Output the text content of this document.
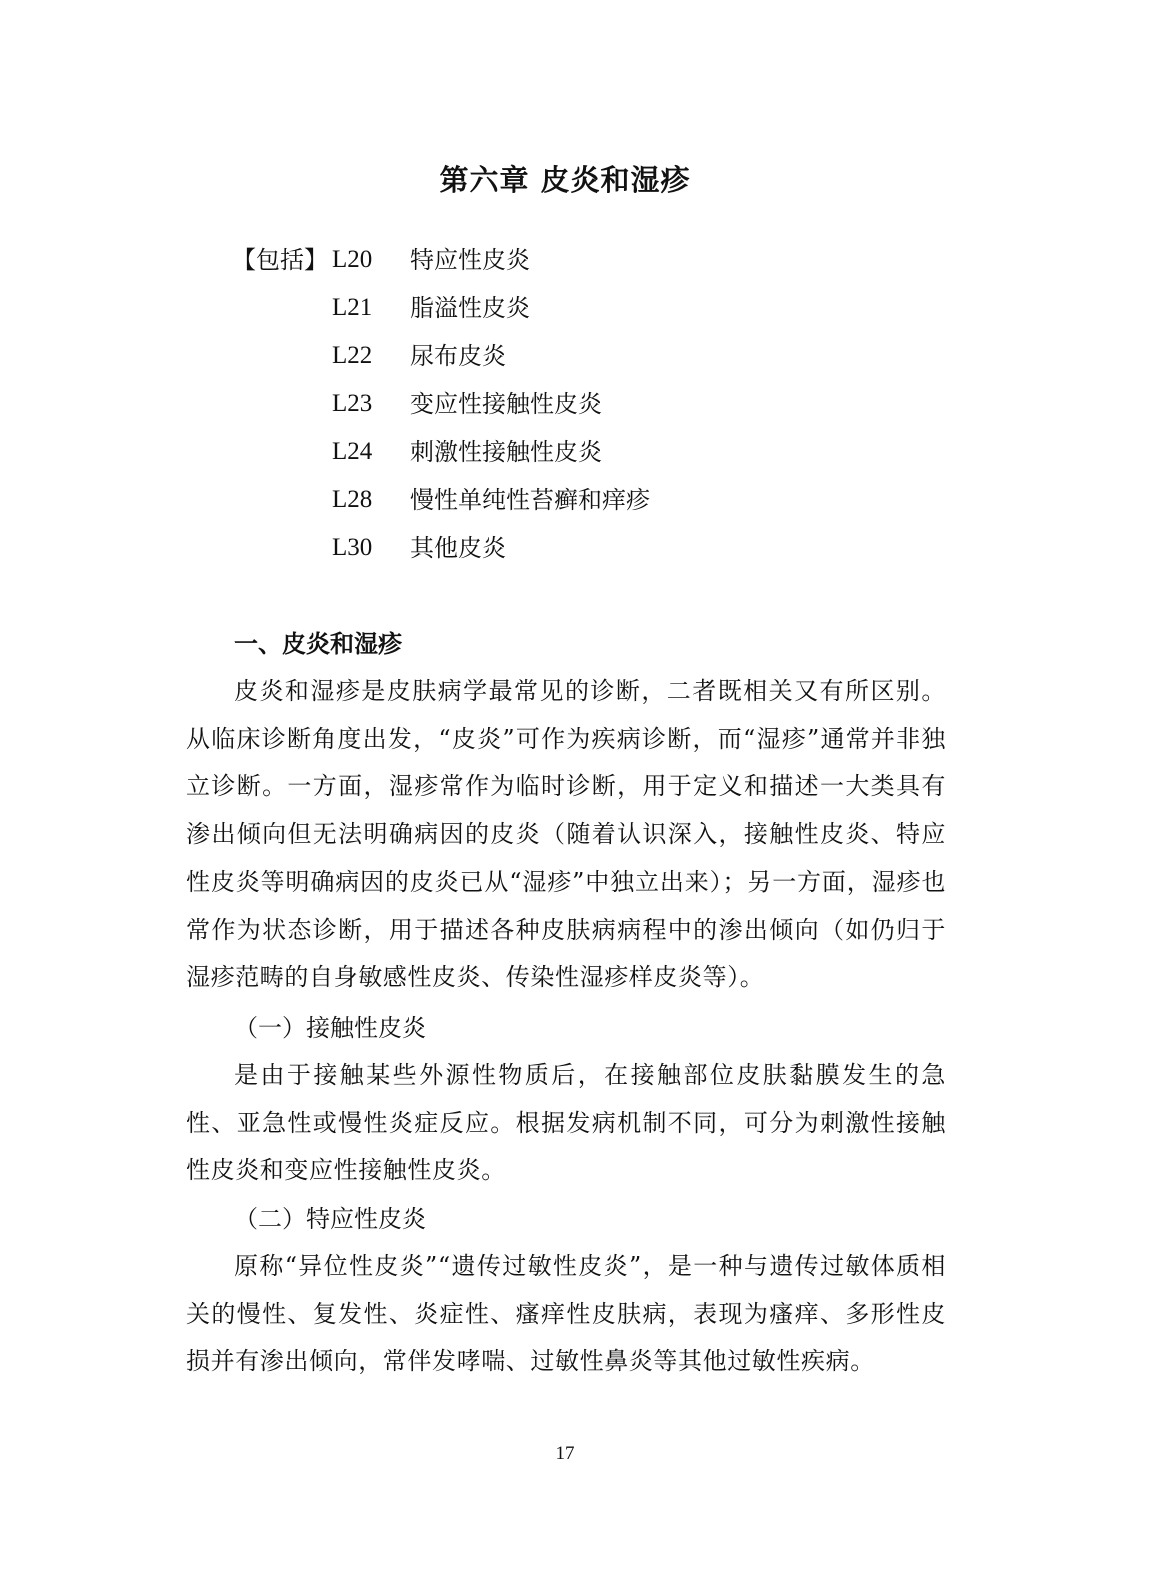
第六章 皮炎和湿疹
【包括】 L20 特应性皮炎
L21 脂溢性皮炎
L22 尿布皮炎
L23 变应性接触性皮炎
L24 刺激性接触性皮炎
L28 慢性单纯性苔癣和痒疹
L30 其他皮炎
一、皮炎和湿疹

皮炎和湿疹是皮肤病学最常见的诊断，二者既相关又有所区别。从临床诊断角度出发，“皮炎”可作为疾病诊断，而“湿疹”通常并非独立诊断。一方面，湿疹常作为临时诊断，用于定义和描述一大类具有渗出倾向但无法明确病因的皮炎（随着认识深入，接触性皮炎、特应性皮炎等明确病因的皮炎已从“湿疹”中独立出来）；另一方面，湿疹也常作为状态诊断，用于描述各种皮肤病病程中的渗出倾向（如仍归于湿疹范畴的自身敏感性皮炎、传染性湿疹样皮炎等）。

（一）接触性皮炎

是由于接触某些外源性物质后，在接触部位皮肤黏膜发生的急性、亚急性或慢性炎症反应。根据发病机制不同，可分为刺激性接触性皮炎和变应性接触性皮炎。

（二）特应性皮炎

原称“异位性皮炎”“遗传过敏性皮炎”，是一种与遗传过敏体质相关的慢性、复发性、炎症性、瘙痒性皮肤病，表现为瘙痒、多形性皮损并有渗出倾向，常伴发哮喘、过敏性鼻炎等其他过敏性疾病。

17
